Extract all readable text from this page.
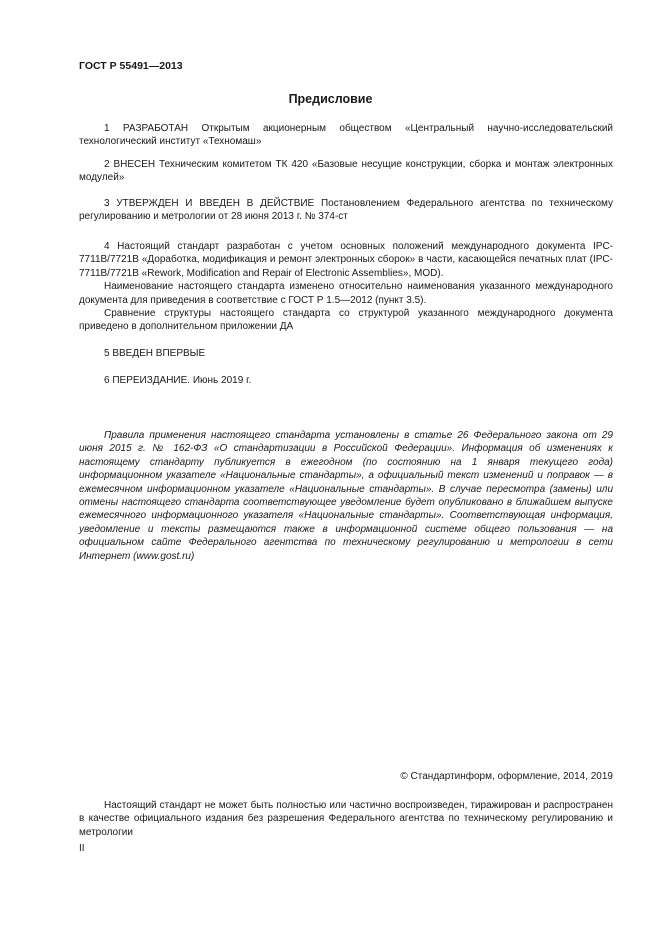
ГОСТ Р 55491—2013
Предисловие

1 РАЗРАБОТАН Открытым акционерным обществом «Центральный научно-исследовательский технологический институт «Техномаш»

2 ВНЕСЕН Техническим комитетом ТК 420 «Базовые несущие конструкции, сборка и монтаж электронных модулей»

3 УТВЕРЖДЕН И ВВЕДЕН В ДЕЙСТВИЕ Постановлением Федерального агентства по техническому регулированию и метрологии от 28 июня 2013 г. № 374-ст

4 Настоящий стандарт разработан с учетом основных положений международного документа IPC-7711В/7721В «Доработка, модификация и ремонт электронных сборок» в части, касающейся печатных плат (IPC-7711В/7721В «Rework, Modification and Repair of Electronic Assemblies», MOD).

Наименование настоящего стандарта изменено относительно наименования указанного международного документа для приведения в соответствие с ГОСТ Р 1.5—2012 (пункт 3.5).

Сравнение структуры настоящего стандарта со структурой указанного международного документа приведено в дополнительном приложении ДА

5 ВВЕДЕН ВПЕРВЫЕ

6 ПЕРЕИЗДАНИЕ. Июнь 2019 г.

Правила применения настоящего стандарта установлены в статье 26 Федерального закона от 29 июня 2015 г. № 162-ФЗ «О стандартизации в Российской Федерации». Информация об изменениях к настоящему стандарту публикуется в ежегодном (по состоянию на 1 января текущего года) информационном указателе «Национальные стандарты», а официальный текст изменений и поправок — в ежемесячном информационном указателе «Национальные стандарты». В случае пересмотра (замены) или отмены настоящего стандарта соответствующее уведомление будет опубликовано в ближайшем выпуске ежемесячного информационного указателя «Национальные стандарты». Соответствующая информация, уведомление и тексты размещаются также в информационной системе общего пользования — на официальном сайте Федерального агентства по техническому регулированию и метрологии в сети Интернет (www.gost.ru)

© Стандартинформ, оформление, 2014, 2019

Настоящий стандарт не может быть полностью или частично воспроизведен, тиражирован и распространен в качестве официального издания без разрешения Федерального агентства по техническому регулированию и метрологии

II
